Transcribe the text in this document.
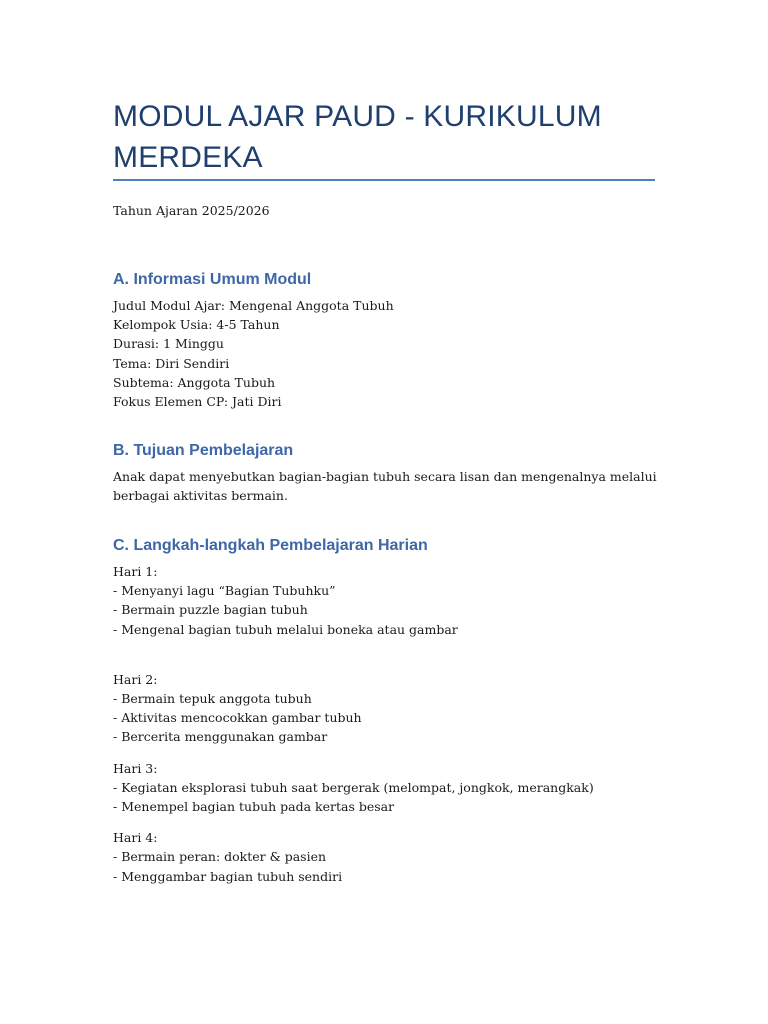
MODUL AJAR PAUD - KURIKULUM MERDEKA
Tahun Ajaran 2025/2026
A. Informasi Umum Modul
Judul Modul Ajar: Mengenal Anggota Tubuh
Kelompok Usia: 4-5 Tahun
Durasi: 1 Minggu
Tema: Diri Sendiri
Subtema: Anggota Tubuh
Fokus Elemen CP: Jati Diri
B. Tujuan Pembelajaran
Anak dapat menyebutkan bagian-bagian tubuh secara lisan dan mengenalnya melalui
berbagai aktivitas bermain.
C. Langkah-langkah Pembelajaran Harian
Hari 1:
- Menyanyi lagu “Bagian Tubuhku”
- Bermain puzzle bagian tubuh
- Mengenal bagian tubuh melalui boneka atau gambar
Hari 2:
- Bermain tepuk anggota tubuh
- Aktivitas mencocokkan gambar tubuh
- Bercerita menggunakan gambar
Hari 3:
- Kegiatan eksplorasi tubuh saat bergerak (melompat, jongkok, merangkak)
- Menempel bagian tubuh pada kertas besar
Hari 4:
- Bermain peran: dokter & pasien
- Menggambar bagian tubuh sendiri
